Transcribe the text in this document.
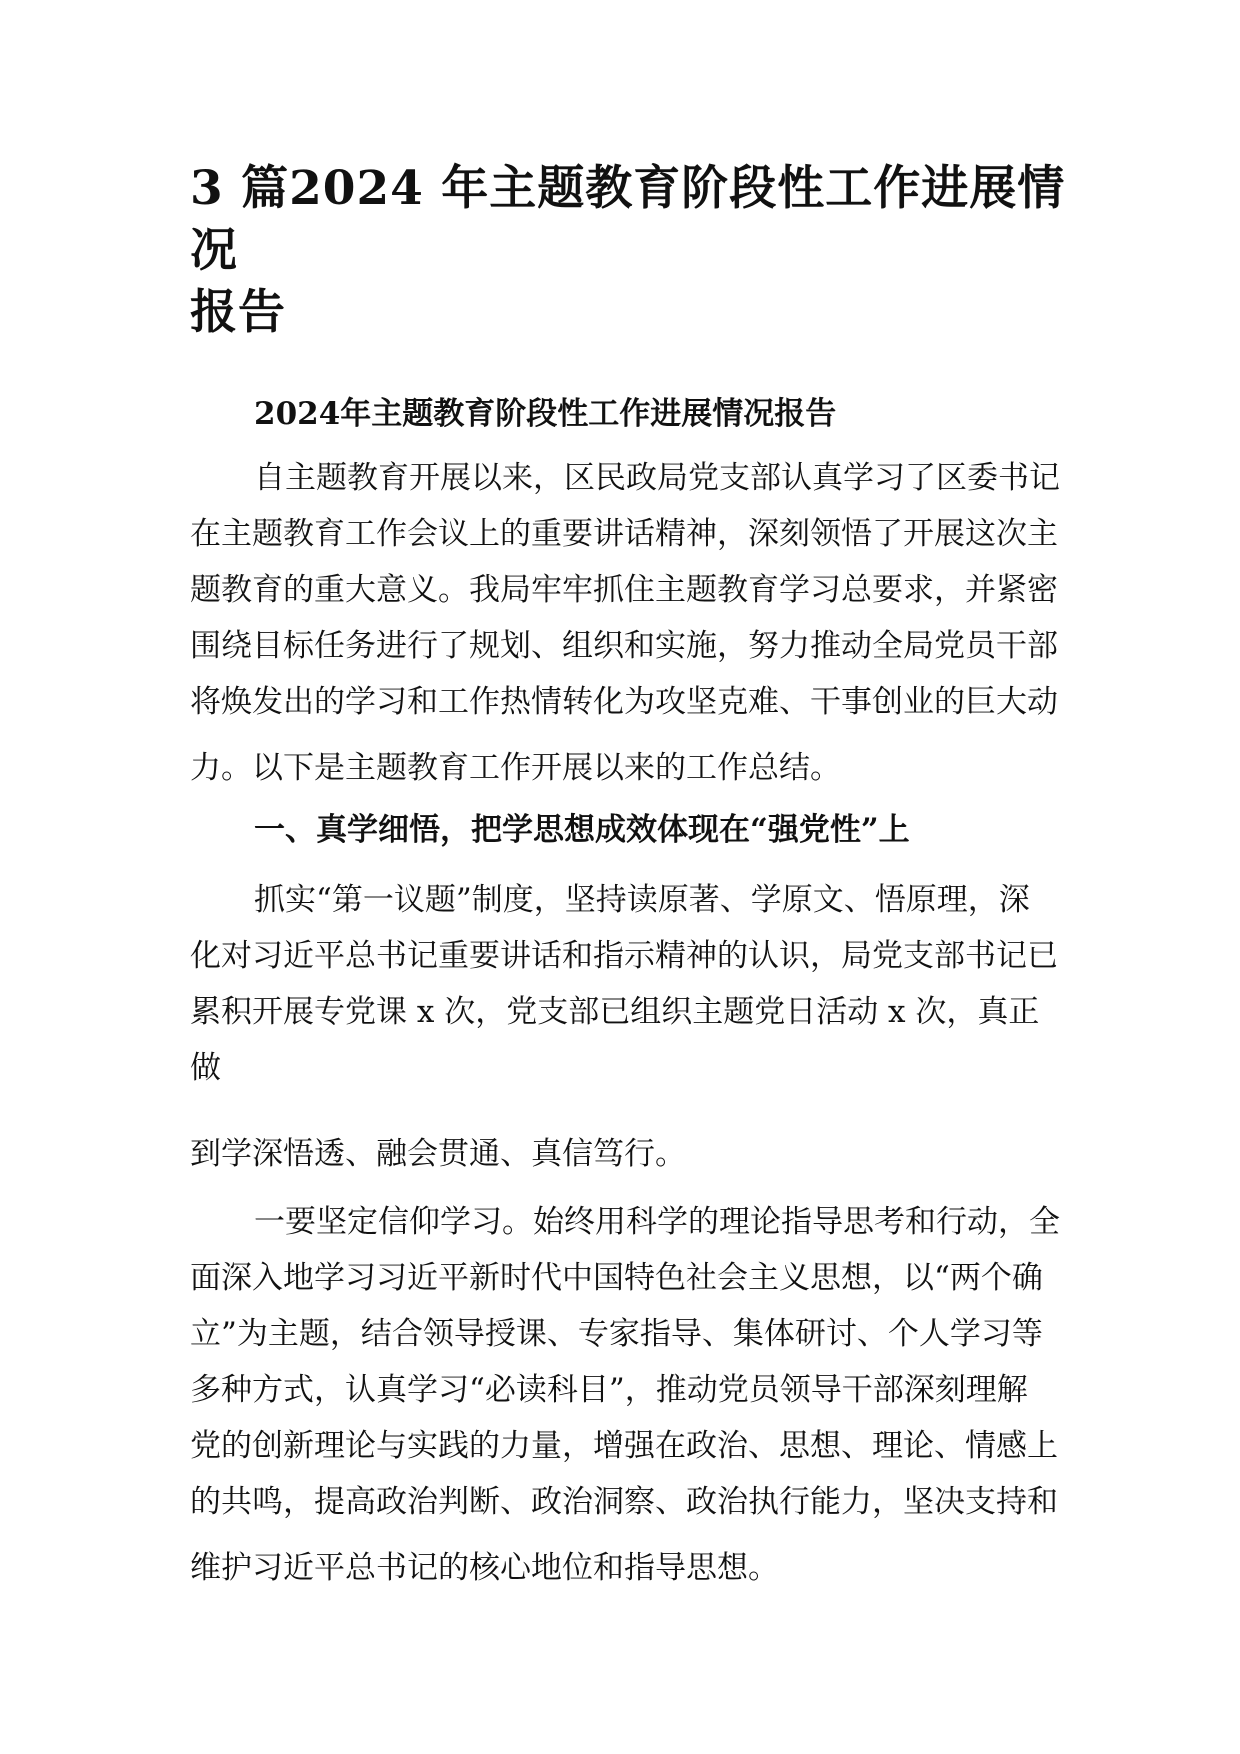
3 篇2024 年主题教育阶段性工作进展情况
报告
2024年主题教育阶段性工作进展情况报告

自主题教育开展以来，区民政局党支部认真学习了区委书记

在主题教育工作会议上的重要讲话精神，深刻领悟了开展这次主

题教育的重大意义。我局牢牢抓住主题教育学习总要求，并紧密

围绕目标任务进行了规划、组织和实施，努力推动全局党员干部

将焕发出的学习和工作热情转化为攻坚克难、干事创业的巨大动

力。以下是主题教育工作开展以来的工作总结。

一、真学细悟，把学思想成效体现在“强党性”上

抓实“第一议题”制度，坚持读原著、学原文、悟原理，深

化对习近平总书记重要讲话和指示精神的认识，局党支部书记已

累积开展专党课 x 次，党支部已组织主题党日活动 x 次，真正

做

到学深悟透、融会贯通、真信笃行。

一要坚定信仰学习。始终用科学的理论指导思考和行动，全

面深入地学习习近平新时代中国特色社会主义思想，以“两个确

立”为主题，结合领导授课、专家指导、集体研讨、个人学习等

多种方式，认真学习“必读科目”，推动党员领导干部深刻理解

党的创新理论与实践的力量，增强在政治、思想、理论、情感上

的共鸣，提高政治判断、政治洞察、政治执行能力，坚决支持和

维护习近平总书记的核心地位和指导思想。
